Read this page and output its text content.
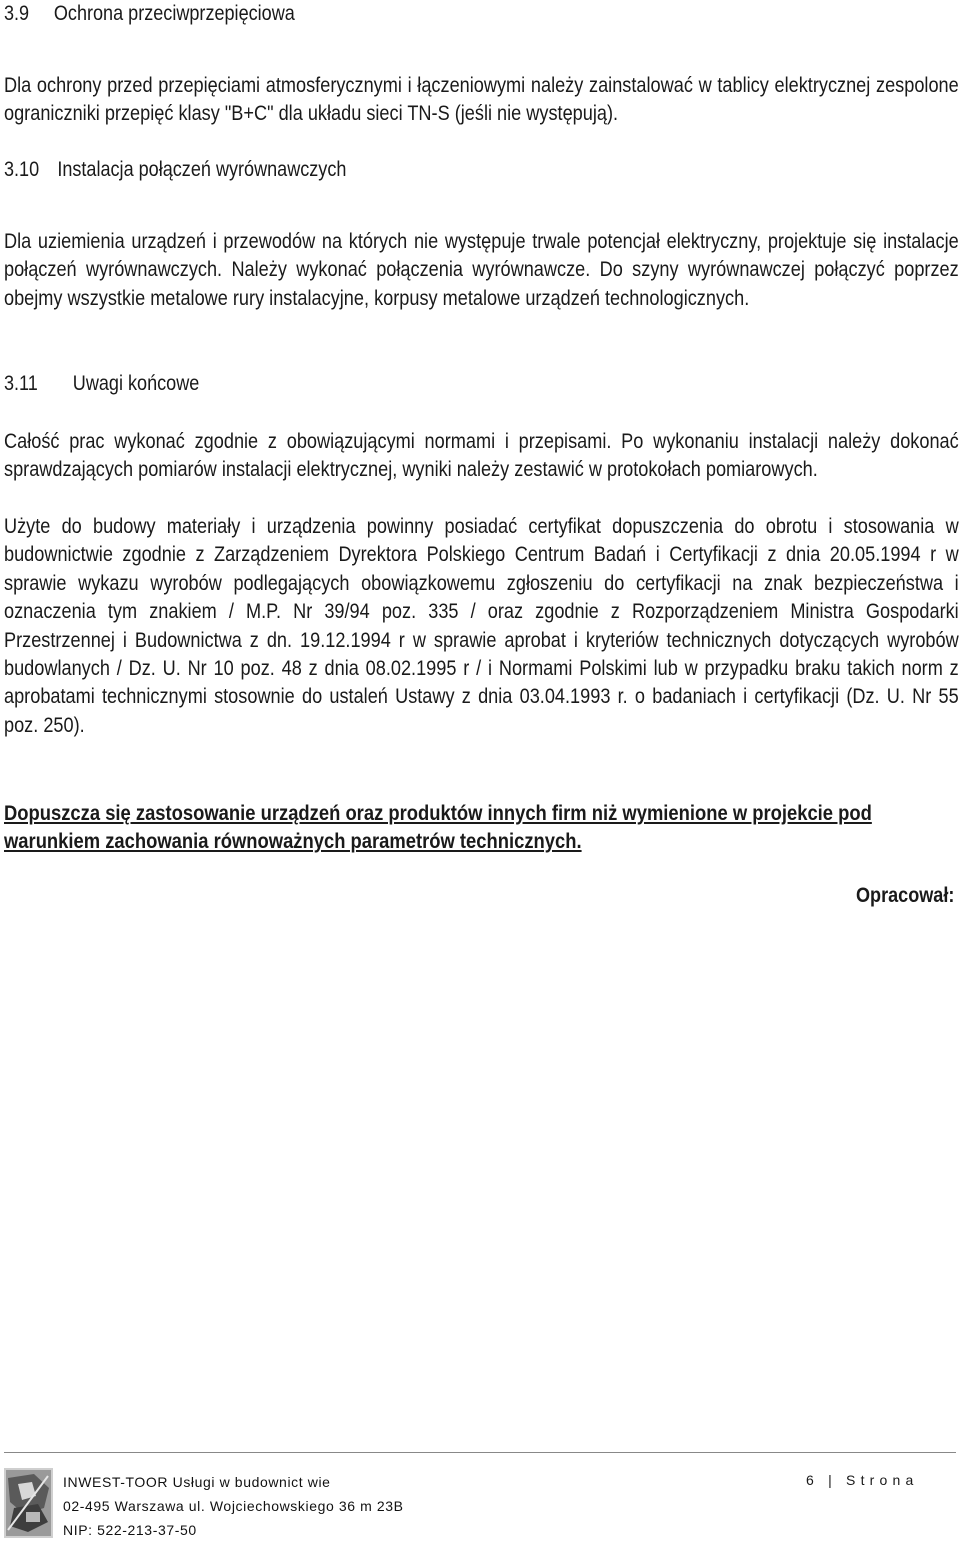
3.9 Ochrona przeciwprzepięciowa

Dla ochrony przed przepięciami atmosferycznymi i łączeniowymi należy zainstalować w tablicy elektrycznej zespolone ograniczniki przepięć klasy "B+C" dla układu sieci TN-S (jeśli nie występują).

3.10 Instalacja połączeń wyrównawczych

Dla uziemienia urządzeń i przewodów na których nie występuje trwale potencjał elektryczny, projektuje się instalacje połączeń wyrównawczych. Należy wykonać połączenia wyrównawcze. Do szyny wyrównawczej połączyć poprzez obejmy wszystkie metalowe rury instalacyjne, korpusy metalowe urządzeń technologicznych.

3.11 Uwagi końcowe

Całość prac wykonać zgodnie z obowiązującymi normami i przepisami. Po wykonaniu instalacji należy dokonać sprawdzających pomiarów instalacji elektrycznej, wyniki należy zestawić w protokołach pomiarowych.

Użyte do budowy materiały i urządzenia powinny posiadać certyfikat dopuszczenia do obrotu i stosowania w budownictwie zgodnie z Zarządzeniem Dyrektora Polskiego Centrum Badań i Certyfikacji z dnia 20.05.1994 r w sprawie wykazu wyrobów podlegających obowiązkowemu zgłoszeniu do certyfikacji na znak bezpieczeństwa i oznaczenia tym znakiem / M.P. Nr 39/94 poz. 335 / oraz zgodnie z Rozporządzeniem Ministra Gospodarki Przestrzennej i Budownictwa z dn. 19.12.1994 r w sprawie aprobat i kryteriów technicznych dotyczących wyrobów budowlanych / Dz. U. Nr 10 poz. 48 z dnia 08.02.1995 r / i Normami Polskimi lub w przypadku braku takich norm z aprobatami technicznymi stosownie do ustaleń Ustawy z dnia 03.04.1993 r. o badaniach i certyfikacji (Dz. U. Nr 55 poz. 250).

Dopuszcza się zastosowanie urządzeń oraz produktów innych firm niż wymienione w projekcie pod warunkiem zachowania równoważnych parametrów technicznych.

Opracował:
INWEST-TOOR Usługi w budownict wie
02-495 Warszawa ul. Wojciechowskiego 36 m 23B
NIP: 522-213-37-50
6 | Strona
